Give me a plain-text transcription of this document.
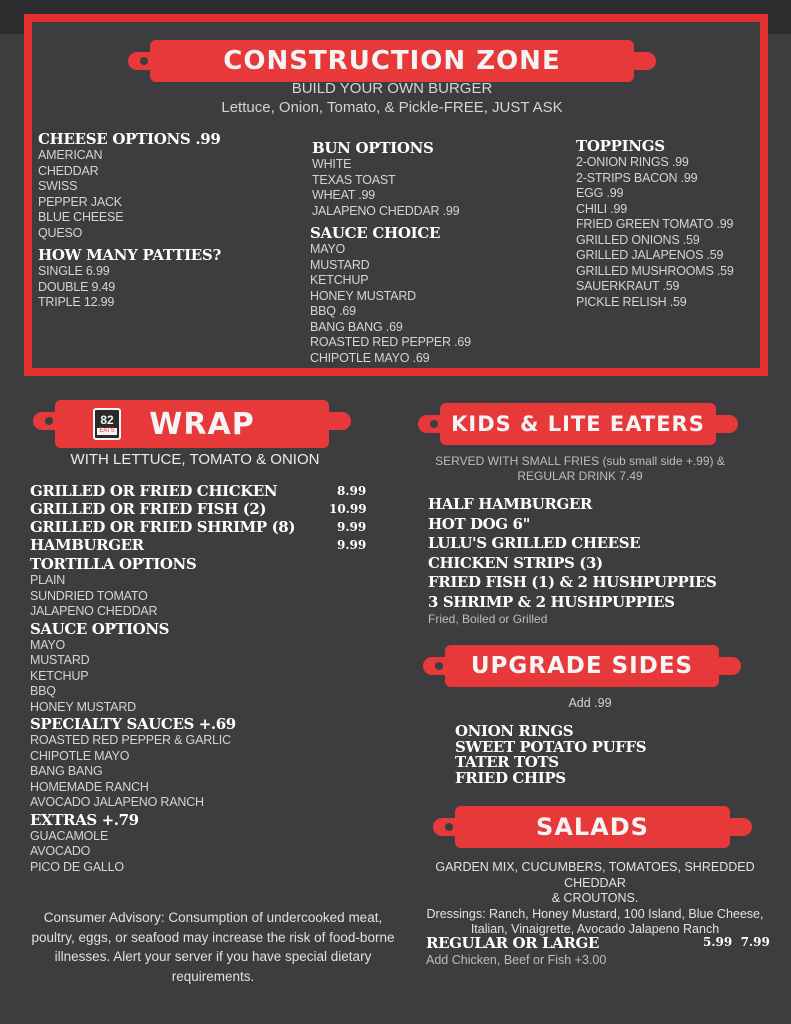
CONSTRUCTION ZONE
BUILD YOUR OWN BURGER
Lettuce, Onion, Tomato, & Pickle-FREE, JUST ASK
CHEESE OPTIONS .99
AMERICAN
CHEDDAR
SWISS
PEPPER JACK
BLUE CHEESE
QUESO
HOW MANY PATTIES?
SINGLE 6.99
DOUBLE 9.49
TRIPLE 12.99
BUN OPTIONS
WHITE
TEXAS TOAST
WHEAT .99
JALAPENO CHEDDAR .99
SAUCE CHOICE
MAYO
MUSTARD
KETCHUP
HONEY MUSTARD
BBQ .69
BANG BANG .69
ROASTED RED PEPPER .69
CHIPOTLE MAYO .69
TOPPINGS
2-ONION RINGS .99
2-STRIPS BACON .99
EGG .99
CHILI .99
FRIED GREEN TOMATO .99
GRILLED ONIONS .59
GRILLED JALAPENOS .59
GRILLED MUSHROOMS .59
SAUERKRAUT .59
PICKLE RELISH .59
82
EATS WRAP
WITH LETTUCE, TOMATO & ONION
GRILLED OR FRIED CHICKEN	8.99
GRILLED OR FRIED FISH (2)	10.99
GRILLED OR FRIED SHRIMP (8)	9.99
HAMBURGER	9.99
TORTILLA OPTIONS
PLAIN
SUNDRIED TOMATO
JALAPENO CHEDDAR
SAUCE OPTIONS
MAYO
MUSTARD
KETCHUP
BBQ
HONEY MUSTARD
SPECIALTY SAUCES +.69
ROASTED RED PEPPER & GARLIC
CHIPOTLE MAYO
BANG BANG
HOMEMADE RANCH
AVOCADO JALAPENO RANCH
EXTRAS +.79
GUACAMOLE
AVOCADO
PICO DE GALLO
Consumer Advisory: Consumption of undercooked meat, poultry, eggs, or seafood may increase the risk of food-borne illnesses. Alert your server if you have special dietary requirements.
KIDS & LITE EATERS
SERVED WITH SMALL FRIES (sub small side +.99) &
REGULAR DRINK 7.49
HALF HAMBURGER
HOT DOG 6"
LULU'S GRILLED CHEESE
CHICKEN STRIPS (3)
FRIED FISH (1) & 2 HUSHPUPPIES
3 SHRIMP & 2 HUSHPUPPIES
Fried, Boiled or Grilled
UPGRADE SIDES
Add .99
ONION RINGS
SWEET POTATO PUFFS
TATER TOTS
FRIED CHIPS
SALADS
GARDEN MIX, CUCUMBERS, TOMATOES, SHREDDED CHEDDAR
& CROUTONS.
Dressings: Ranch, Honey Mustard, 100 Island, Blue Cheese,
Italian, Vinaigrette, Avocado Jalapeno Ranch
REGULAR OR LARGE	5.99  7.99
Add Chicken, Beef or Fish +3.00
